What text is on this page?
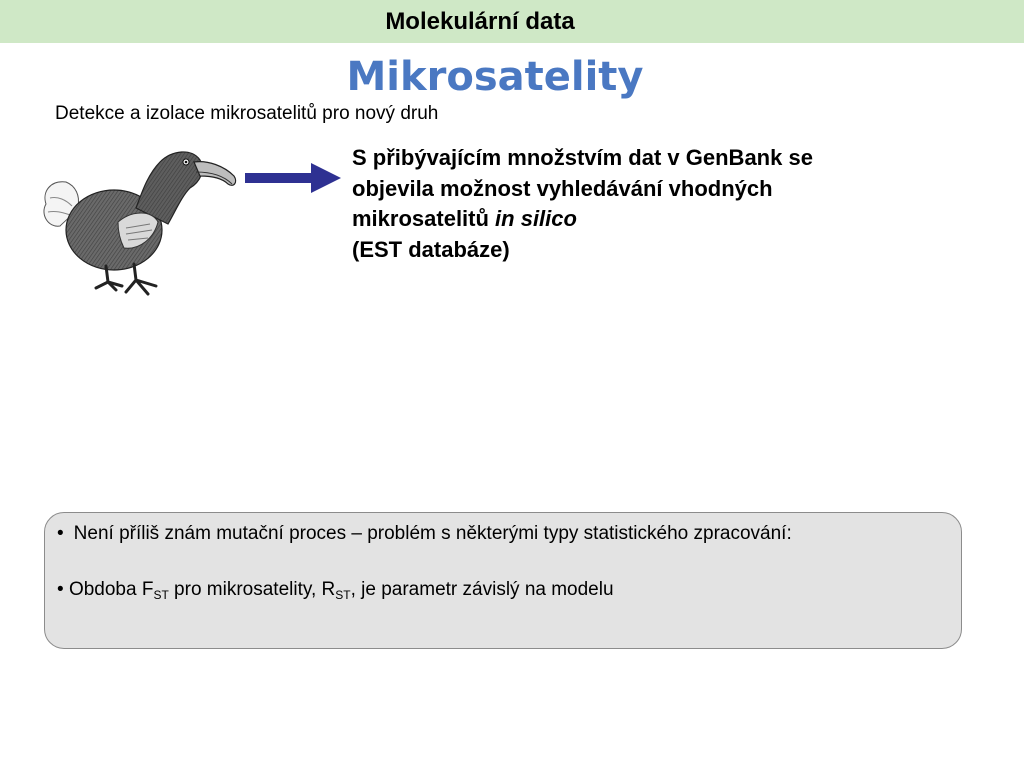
Molekulární data
Mikrosatelity
Detekce a izolace mikrosatelitů pro nový druh
S přibývajícím množstvím dat v GenBank se
objevila možnost vyhledávání vhodných
mikrosatelitů in silico
(EST databáze)
• Není příliš znám mutační proces – problém s některými typy statistického zpracování:
• Obdoba $F_{ST}$ pro mikrosatelity, $R_{ST}$, je parametr závislý na modelu
